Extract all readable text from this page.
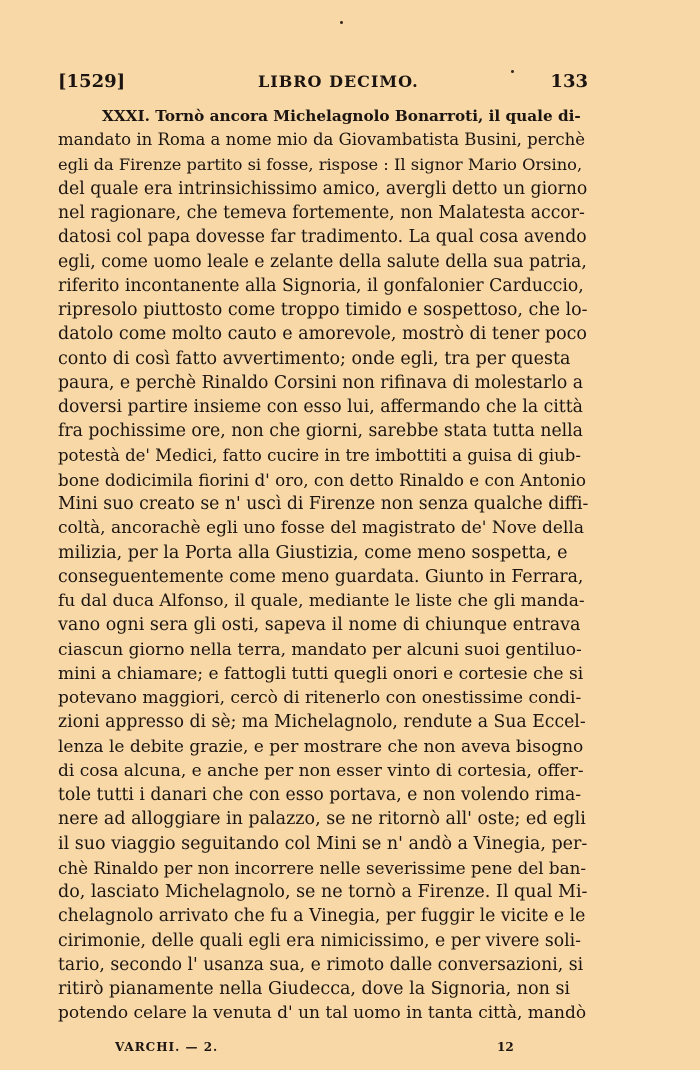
[1529]	LIBRO DECIMO.	133
XXXI. Tornò ancora Michelagnolo Bonarroti, il quale di-
mandato in Roma a nome mio da Giovambatista Busini, perchè
egli da Firenze partito si fosse, rispose : Il signor Mario Orsino,
del quale era intrinsichissimo amico, avergli detto un giorno
nel ragionare, che temeva fortemente, non Malatesta accor-
datosi col papa dovesse far tradimento. La qual cosa avendo
egli, come uomo leale e zelante della salute della sua patria,
riferito incontanente alla Signoria, il gonfalonier Carduccio,
ripresolo piuttosto come troppo timido e sospettoso, che lo-
datolo come molto cauto e amorevole, mostrò di tener poco
conto di così fatto avvertimento; onde egli, tra per questa
paura, e perchè Rinaldo Corsini non rifinava di molestarlo a
doversi partire insieme con esso lui, affermando che la città
fra pochissime ore, non che giorni, sarebbe stata tutta nella
potestà de' Medici, fatto cucire in tre imbottiti a guisa di giub-
bone dodicimila fiorini d' oro, con detto Rinaldo e con Antonio
Mini suo creato se n' uscì di Firenze non senza qualche diffi-
coltà, ancorachè egli uno fosse del magistrato de' Nove della
milizia, per la Porta alla Giustizia, come meno sospetta, e
conseguentemente come meno guardata. Giunto in Ferrara,
fu dal duca Alfonso, il quale, mediante le liste che gli manda-
vano ogni sera gli osti, sapeva il nome di chiunque entrava
ciascun giorno nella terra, mandato per alcuni suoi gentiluo-
mini a chiamare; e fattogli tutti quegli onori e cortesie che si
potevano maggiori, cercò di ritenerlo con onestissime condi-
zioni appresso di sè; ma Michelagnolo, rendute a Sua Eccel-
lenza le debite grazie, e per mostrare che non aveva bisogno
di cosa alcuna, e anche per non esser vinto di cortesia, offer-
tole tutti i danari che con esso portava, e non volendo rima-
nere ad alloggiare in palazzo, se ne ritornò all' oste; ed egli
il suo viaggio seguitando col Mini se n' andò a Vinegia, per-
chè Rinaldo per non incorrere nelle severissime pene del ban-
do, lasciato Michelagnolo, se ne tornò a Firenze. Il qual Mi-
chelagnolo arrivato che fu a Vinegia, per fuggir le vicite e le
cirimonie, delle quali egli era nimicissimo, e per vivere soli-
tario, secondo l' usanza sua, e rimoto dalle conversazioni, si
ritirò pianamente nella Giudecca, dove la Signoria, non si
potendo celare la venuta d' un tal uomo in tanta città, mandò
VARCHI. — 2.	12
